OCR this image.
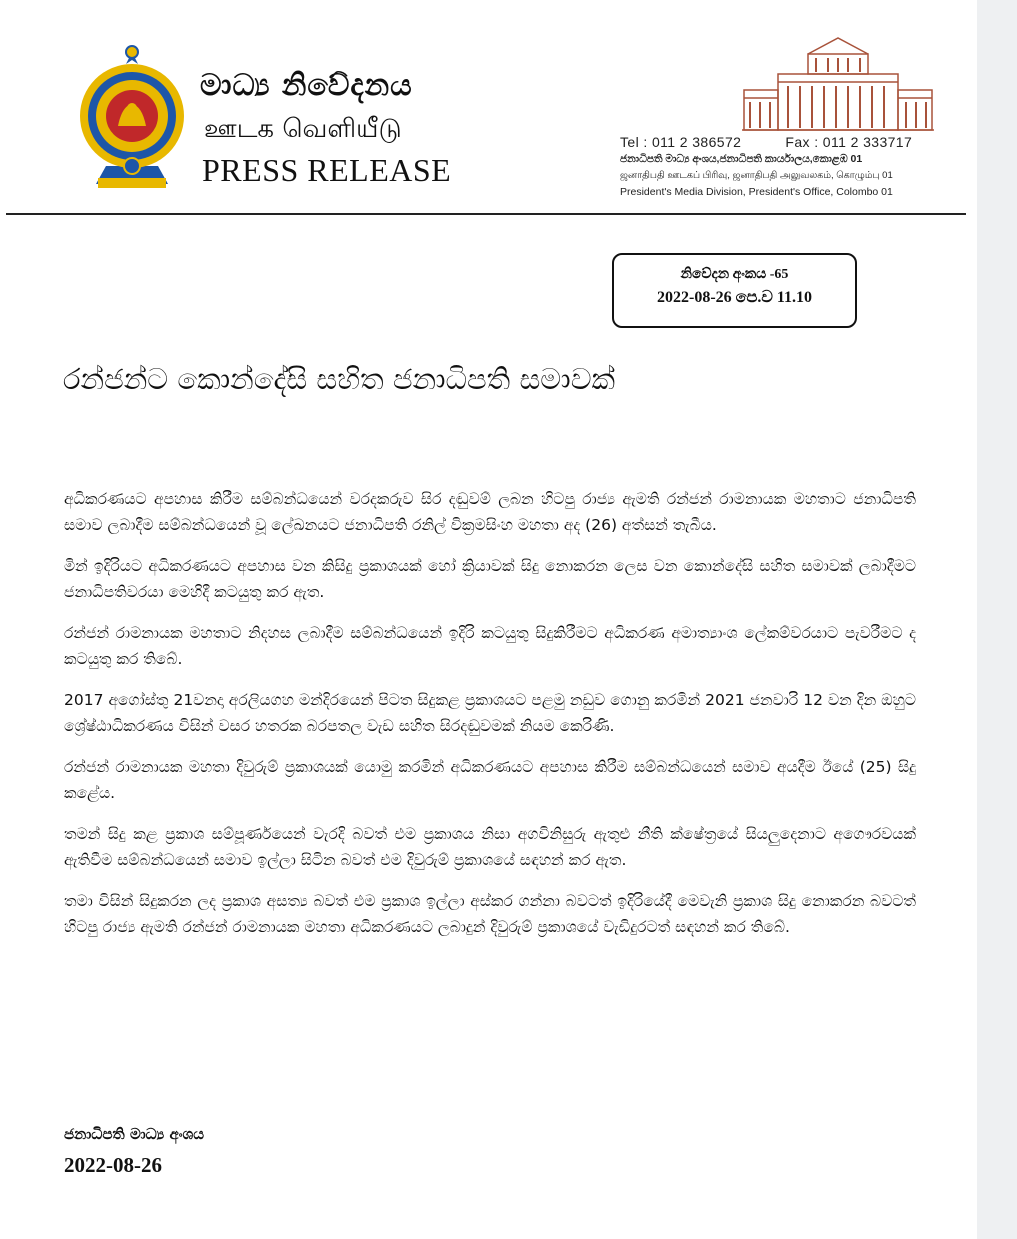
මාධ්‍ය නිවේදනය
ஊடக வெளியீடு
PRESS RELEASE
Tel : 011 2 386572	Fax : 011 2 333717
ජනාධිපති මාධ්‍ය අංශය,ජනාධිපති කාර්යාලය,කොළඹ 01
ஜனாதிபதி ஊடகப் பிரிவு, ஜனாதிபதி அலுவலகம், கொழும்பு 01
President's Media Division, President's Office, Colombo 01
නිවේදන අංකය -65
2022-08-26 පෙ.ව 11.10
රන්ජන්ට කොන්දේසි සහිත ජනාධිපති සමාවක්

අධිකරණයට අපහාස කිරීම සම්බන්ධයෙන් වරදකරුව සිර දඬුවම් ලබන හිටපු රාජ්‍ය ඇමති රන්ජන් රාමනායක මහතාට ජනාධිපති සමාව ලබාදීම සම්බන්ධයෙන් වූ ලේඛනයට ජනාධිපති රනිල් වික්‍රමසිංහ මහතා අද (26) අත්සන් තැබීය.

මින් ඉදිරියට අධිකරණයට අපහාස වන කිසිදු ප්‍රකාශයක් හෝ ක්‍රියාවක් සිදු නොකරන ලෙස වන කොන්දේසි සහිත සමාවක් ලබාදීමට ජනාධිපතිවරයා මෙහිදී කටයුතු කර ඇත.

රන්ජන් රාමනායක මහතාට නිදහස ලබාදීම සම්බන්ධයෙන් ඉදිරි කටයුතු සිදුකිරීමට අධිකරණ අමාත්‍යාංශ ලේකම්වරයාට පැවරීමට ද කටයුතු කර තිබේ.

2017 අගෝස්තු 21වනදා අරලියගහ මන්දිරයෙන් පිටත සිදුකළ ප්‍රකාශයට පළමු නඩුව ගොනු කරමින් 2021 ජනවාරි 12 වන දින ඔහුට ශ්‍රේෂ්ඨාධිකරණය විසින් වසර හතරක බරපතල වැඩ සහිත සිරදඬුවමක් නියම කෙරිණි.

රන්ජන් රාමනායක මහතා දිවුරුම් ප්‍රකාශයක් යොමු කරමින් අධිකරණයට අපහාස කිරීම සම්බන්ධයෙන් සමාව අයදීම ඊයේ (25) සිදු කළේය.

තමන් සිදු කළ ප්‍රකාශ සම්පූර්ණයෙන් වැරදි බවත් එම ප්‍රකාශය නිසා අගවිනිසුරු ඇතුළු නීති ක්ෂේත්‍රයේ සියලුදෙනාට අගෞරවයක් ඇතිවීම සම්බන්ධයෙන් සමාව ඉල්ලා සිටින බවත් එම දිවුරුම් ප්‍රකාශයේ සඳහන් කර ඇත.

තමා විසින් සිදුකරන ලද ප්‍රකාශ අසත්‍ය බවත් එම ප්‍රකාශ ඉල්ලා අස්කර ගන්නා බවටත් ඉදිරියේදී මෙවැනි ප්‍රකාශ සිදු නොකරන බවටත් හිටපු රාජ්‍ය ඇමති රන්ජන් රාමනායක මහතා අධිකරණයට ලබාදුන් දිවුරුම් ප්‍රකාශයේ වැඩිදුරටත් සඳහන් කර තිබේ.

ජනාධිපති මාධ්‍ය අංශය
2022-08-26
